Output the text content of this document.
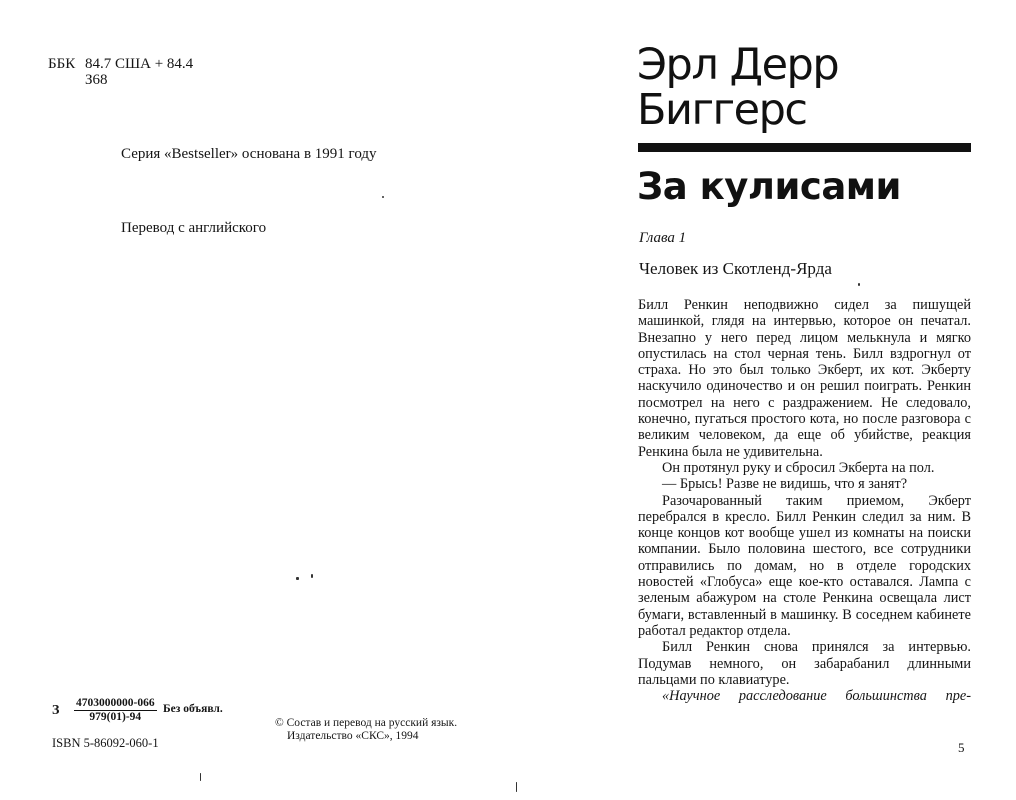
ББК 84.7 США + 84.4
З68
Серия «Bestseller» основана в 1991 году
Перевод с английского
З $\frac{4703000000-066}{979(01)-94}$ Без объявл.
© Состав и перевод на русский язык.
Издательство «СКС», 1994
ISBN 5-86092-060-1
Эрл Дерр
Биггерс
За кулисами
Глава 1
Человек из Скотленд-Ярда

Билл Ренкин неподвижно сидел за пишущей машинкой, глядя на интервью, которое он печатал. Внезапно у него перед лицом мелькнула и мягко опустилась на стол черная тень. Билл вздрогнул от страха. Но это был только Экберт, их кот. Экберту наскучило одиночество и он решил поиграть. Ренкин посмотрел на него с раздражением. Не следовало, конечно, пугаться простого кота, но после разговора с великим человеком, да еще об убийстве, реакция Ренкина была не удивительна.

Он протянул руку и сбросил Экберта на пол.

— Брысь! Разве не видишь, что я занят?

Разочарованный таким приемом, Экберт перебрался в кресло. Билл Ренкин следил за ним. В конце концов кот вообще ушел из комнаты на поиски компании. Было половина шестого, все сотрудники отправились по домам, но в отделе городских новостей «Глобуса» еще кое-кто оставался. Лампа с зеленым абажуром на столе Ренкина освещала лист бумаги, вставленный в машинку. В соседнем кабинете работал редактор отдела.

Билл Ренкин снова принялся за интервью. Подумав немного, он забарабанил длинными пальцами по клавиатуре.

«Научное расследование большинства пре-

5
